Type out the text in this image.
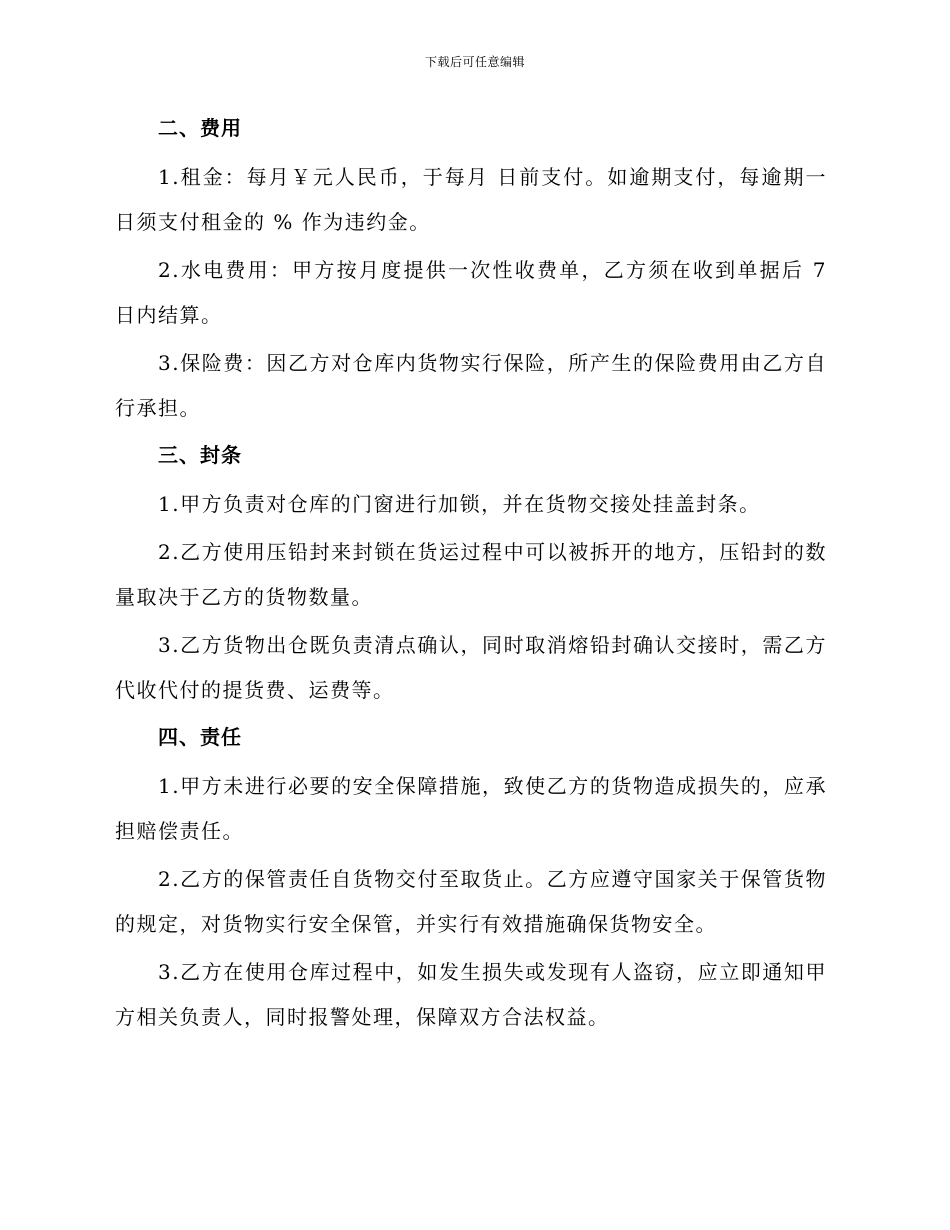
下载后可任意编辑
二、费用

1.租金：每月￥元人民币，于每月 日前支付。如逾期支付，每逾期一日须支付租金的 % 作为违约金。

2.水电费用：甲方按月度提供一次性收费单，乙方须在收到单据后 7 日内结算。

3.保险费：因乙方对仓库内货物实行保险，所产生的保险费用由乙方自行承担。

三、封条

1.甲方负责对仓库的门窗进行加锁，并在货物交接处挂盖封条。

2.乙方使用压铅封来封锁在货运过程中可以被拆开的地方，压铅封的数量取决于乙方的货物数量。

3.乙方货物出仓既负责清点确认，同时取消熔铅封确认交接时，需乙方代收代付的提货费、运费等。

四、责任

1.甲方未进行必要的安全保障措施，致使乙方的货物造成损失的，应承担赔偿责任。

2.乙方的保管责任自货物交付至取货止。乙方应遵守国家关于保管货物的规定，对货物实行安全保管，并实行有效措施确保货物安全。

3.乙方在使用仓库过程中，如发生损失或发现有人盗窃，应立即通知甲方相关负责人，同时报警处理，保障双方合法权益。
